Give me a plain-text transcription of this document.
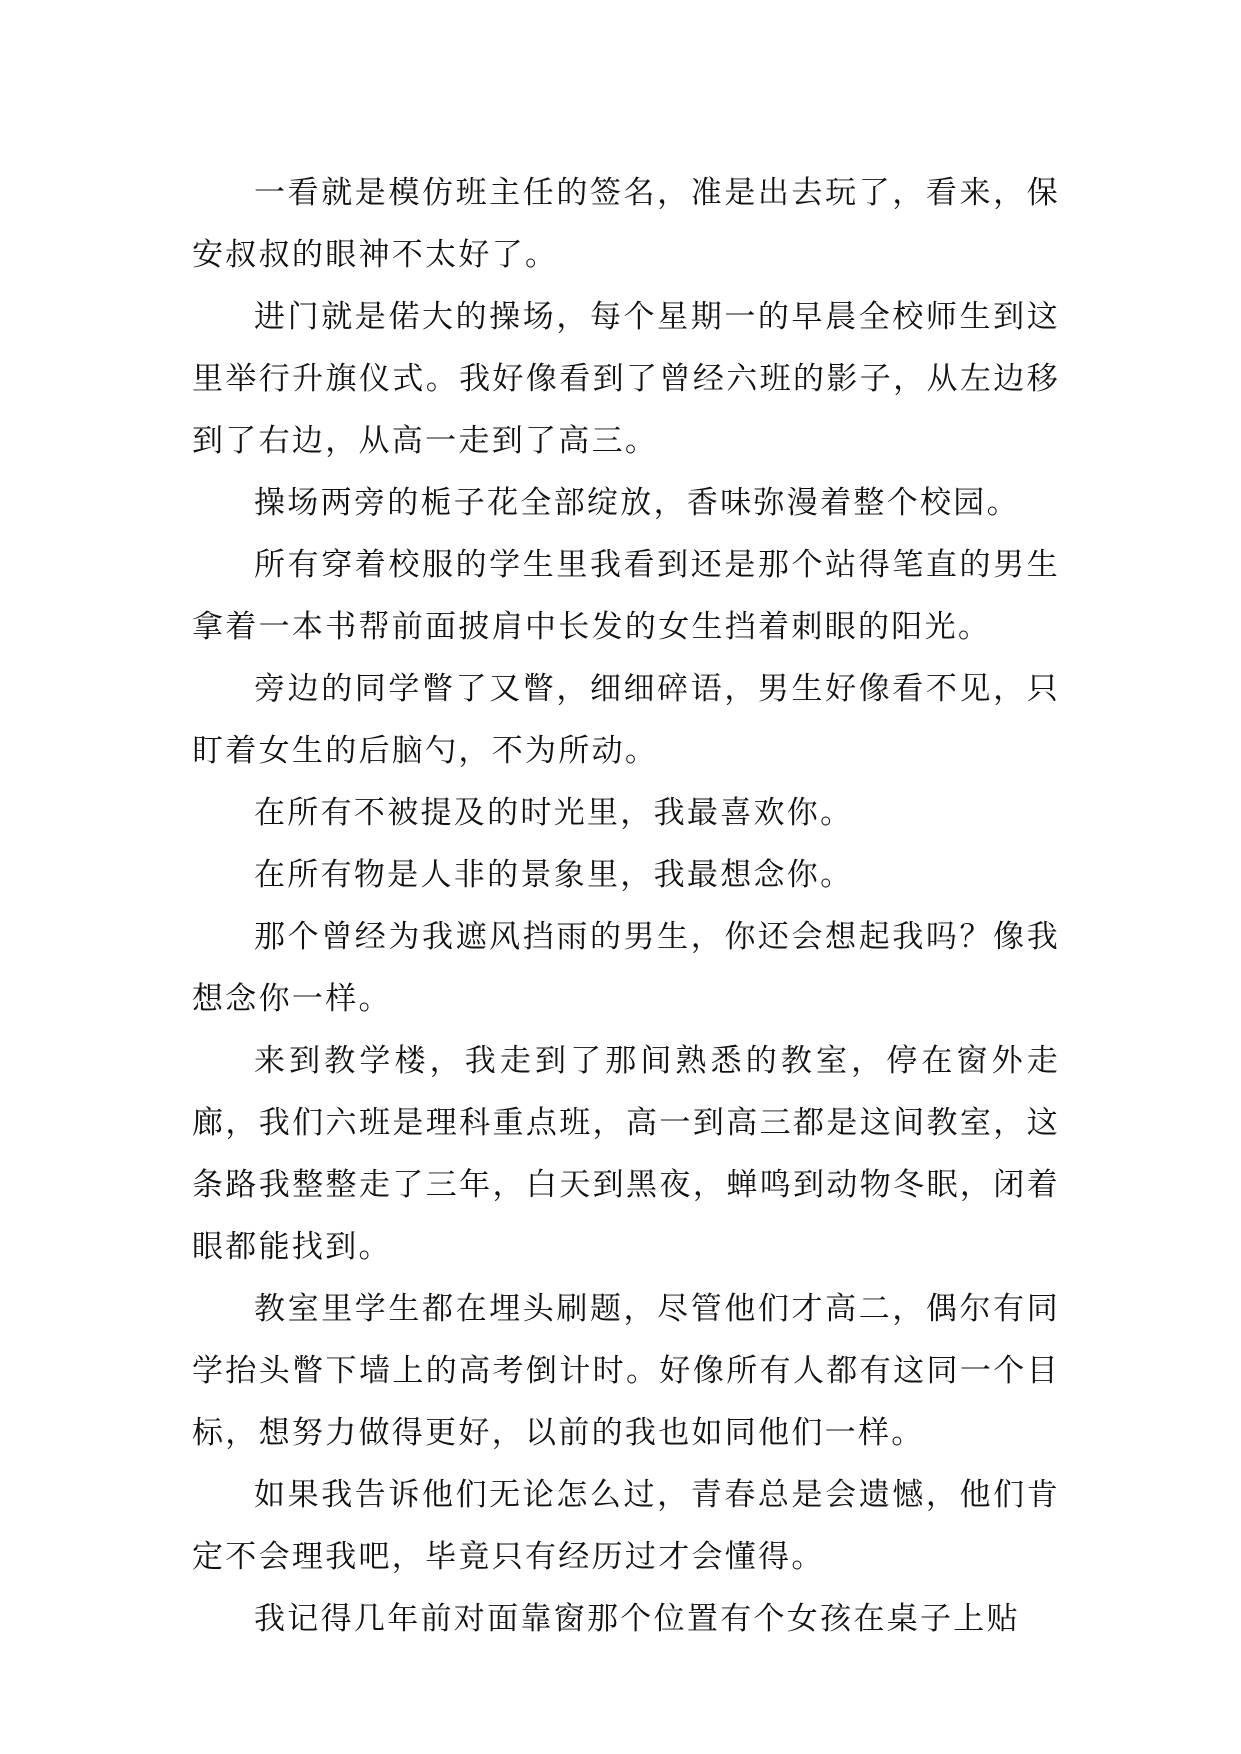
一看就是模仿班主任的签名，准是出去玩了，看来，保安叔叔的眼神不太好了。

进门就是偌大的操场，每个星期一的早晨全校师生到这里举行升旗仪式。我好像看到了曾经六班的影子，从左边移到了右边，从高一走到了高三。

操场两旁的栀子花全部绽放，香味弥漫着整个校园。

所有穿着校服的学生里我看到还是那个站得笔直的男生拿着一本书帮前面披肩中长发的女生挡着刺眼的阳光。

旁边的同学瞥了又瞥，细细碎语，男生好像看不见，只盯着女生的后脑勺，不为所动。

在所有不被提及的时光里，我最喜欢你。

在所有物是人非的景象里，我最想念你。

那个曾经为我遮风挡雨的男生，你还会想起我吗？像我想念你一样。

来到教学楼，我走到了那间熟悉的教室，停在窗外走廊，我们六班是理科重点班，高一到高三都是这间教室，这条路我整整走了三年，白天到黑夜，蝉鸣到动物冬眠，闭着眼都能找到。

教室里学生都在埋头刷题，尽管他们才高二，偶尔有同学抬头瞥下墙上的高考倒计时。好像所有人都有这同一个目标，想努力做得更好，以前的我也如同他们一样。

如果我告诉他们无论怎么过，青春总是会遗憾，他们肯定不会理我吧，毕竟只有经历过才会懂得。

我记得几年前对面靠窗那个位置有个女孩在桌子上贴
